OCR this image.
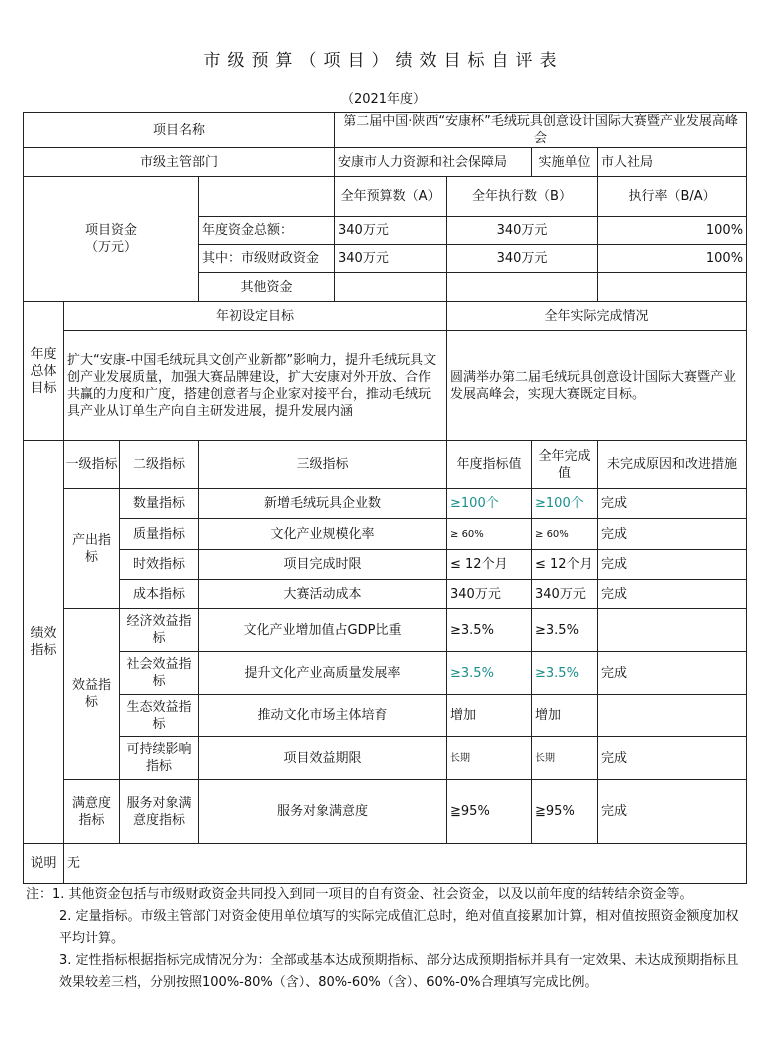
市级预算（项目）绩效目标自评表
（2021年度）
项目名称				第二届中国·陕西“安康杯”毛绒玩具创意设计国际大赛暨产业发展高峰会			
市级主管部门				安康市人力资源和社会保障局		实施单位	市人社局

项目资金
（万元）				全年预算数（A）	全年执行数（B）		执行率（B/A）
			年度资金总额：	340万元	340万元		100%
			其中：市级财政资金	340万元	340万元		100%
			其他资金				
年度总体目标	年初设定目标				全年实际完成情况		
	扩大“安康-中国毛绒玩具文创产业新都”影响力，提升毛绒玩具文创产业发展质量，加强大赛品牌建设，扩大安康对外开放、合作共赢的力度和广度，搭建创意者与企业家对接平台，推动毛绒玩具产业从订单生产向自主研发进展，提升发展内涵				圆满举办第二届毛绒玩具创意设计国际大赛暨产业发展高峰会，实现大赛既定目标。		
绩效指标	一级指标	二级指标	三级指标		年度指标值	全年完成值	未完成原因和改进措施
	产出指标	数量指标	新增毛绒玩具企业数		≥100个	≥100个	完成
		质量指标	文化产业规模化率		≥ 60%	≥ 60%	完成
		时效指标	项目完成时限		≤ 12个月	≤ 12个月	完成
		成本指标	大赛活动成本		340万元	340万元	完成
	效益指标	经济效益指标	文化产业增加值占GDP比重		≥3.5%	≥3.5%	
		社会效益指标	提升文化产业高质量发展率		≥3.5%	≥3.5%	完成
		生态效益指标	推动文化市场主体培育		增加	增加	
		可持续影响指标	项目效益期限		长期	长期	完成
	满意度指标	服务对象满意度指标	服务对象满意度		≧95%	≧95%	完成
说明	无						
注：1. 其他资金包括与市级财政资金共同投入到同一项目的自有资金、社会资金，以及以前年度的结转结余资金等。
2. 定量指标。市级主管部门对资金使用单位填写的实际完成值汇总时，绝对值直接累加计算，相对值按照资金额度加权平均计算。
3. 定性指标根据指标完成情况分为：全部或基本达成预期指标、部分达成预期指标并具有一定效果、未达成预期指标且效果较差三档，分别按照100%-80%（含）、80%-60%（含）、60%-0%合理填写完成比例。
